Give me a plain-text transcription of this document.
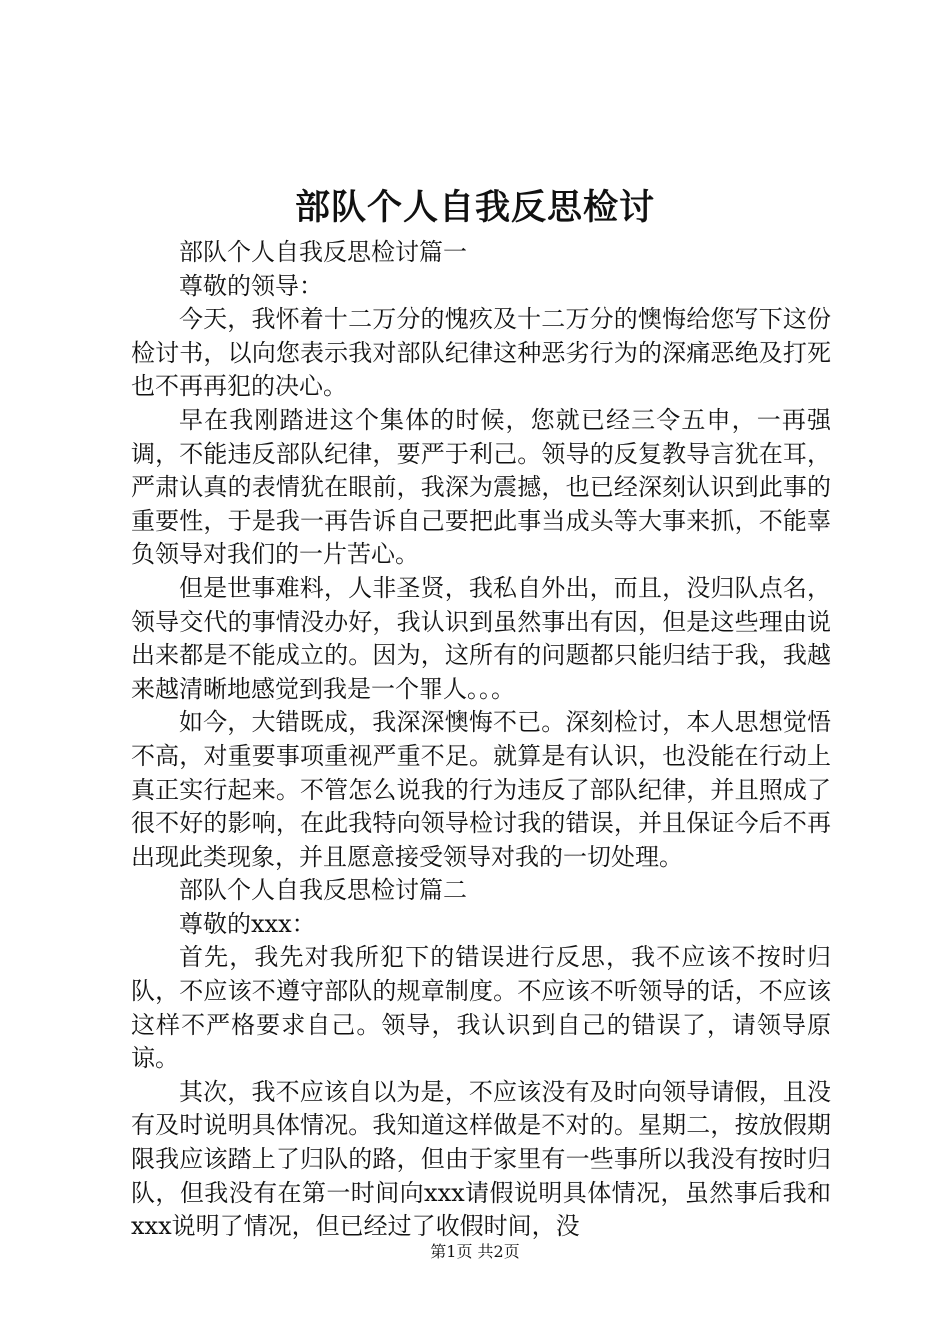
部队个人自我反思检讨

部队个人自我反思检讨篇一

尊敬的领导：

今天，我怀着十二万分的愧疚及十二万分的懊悔给您写下这份检讨书，以向您表示我对部队纪律这种恶劣行为的深痛恶绝及打死也不再再犯的决心。

早在我刚踏进这个集体的时候，您就已经三令五申，一再强调，不能违反部队纪律，要严于利己。领导的反复教导言犹在耳，严肃认真的表情犹在眼前，我深为震撼，也已经深刻认识到此事的重要性，于是我一再告诉自己要把此事当成头等大事来抓，不能辜负领导对我们的一片苦心。

但是世事难料，人非圣贤，我私自外出，而且，没归队点名，领导交代的事情没办好，我认识到虽然事出有因，但是这些理由说出来都是不能成立的。因为，这所有的问题都只能归结于我，我越来越清晰地感觉到我是一个罪人。。。

如今，大错既成，我深深懊悔不已。深刻检讨，本人思想觉悟不高，对重要事项重视严重不足。就算是有认识，也没能在行动上真正实行起来。不管怎么说我的行为违反了部队纪律，并且照成了很不好的影响，在此我特向领导检讨我的错误，并且保证今后不再出现此类现象，并且愿意接受领导对我的一切处理。

部队个人自我反思检讨篇二

尊敬的xxx：

首先，我先对我所犯下的错误进行反思，我不应该不按时归队，不应该不遵守部队的规章制度。不应该不听领导的话，不应该这样不严格要求自己。领导，我认识到自己的错误了，请领导原谅。

其次，我不应该自以为是，不应该没有及时向领导请假，且没有及时说明具体情况。我知道这样做是不对的。星期二，按放假期限我应该踏上了归队的路，但由于家里有一些事所以我没有按时归队，但我没有在第一时间向xxx请假说明具体情况，虽然事后我和xxx说明了情况，但已经过了收假时间，没

第1页 共2页
